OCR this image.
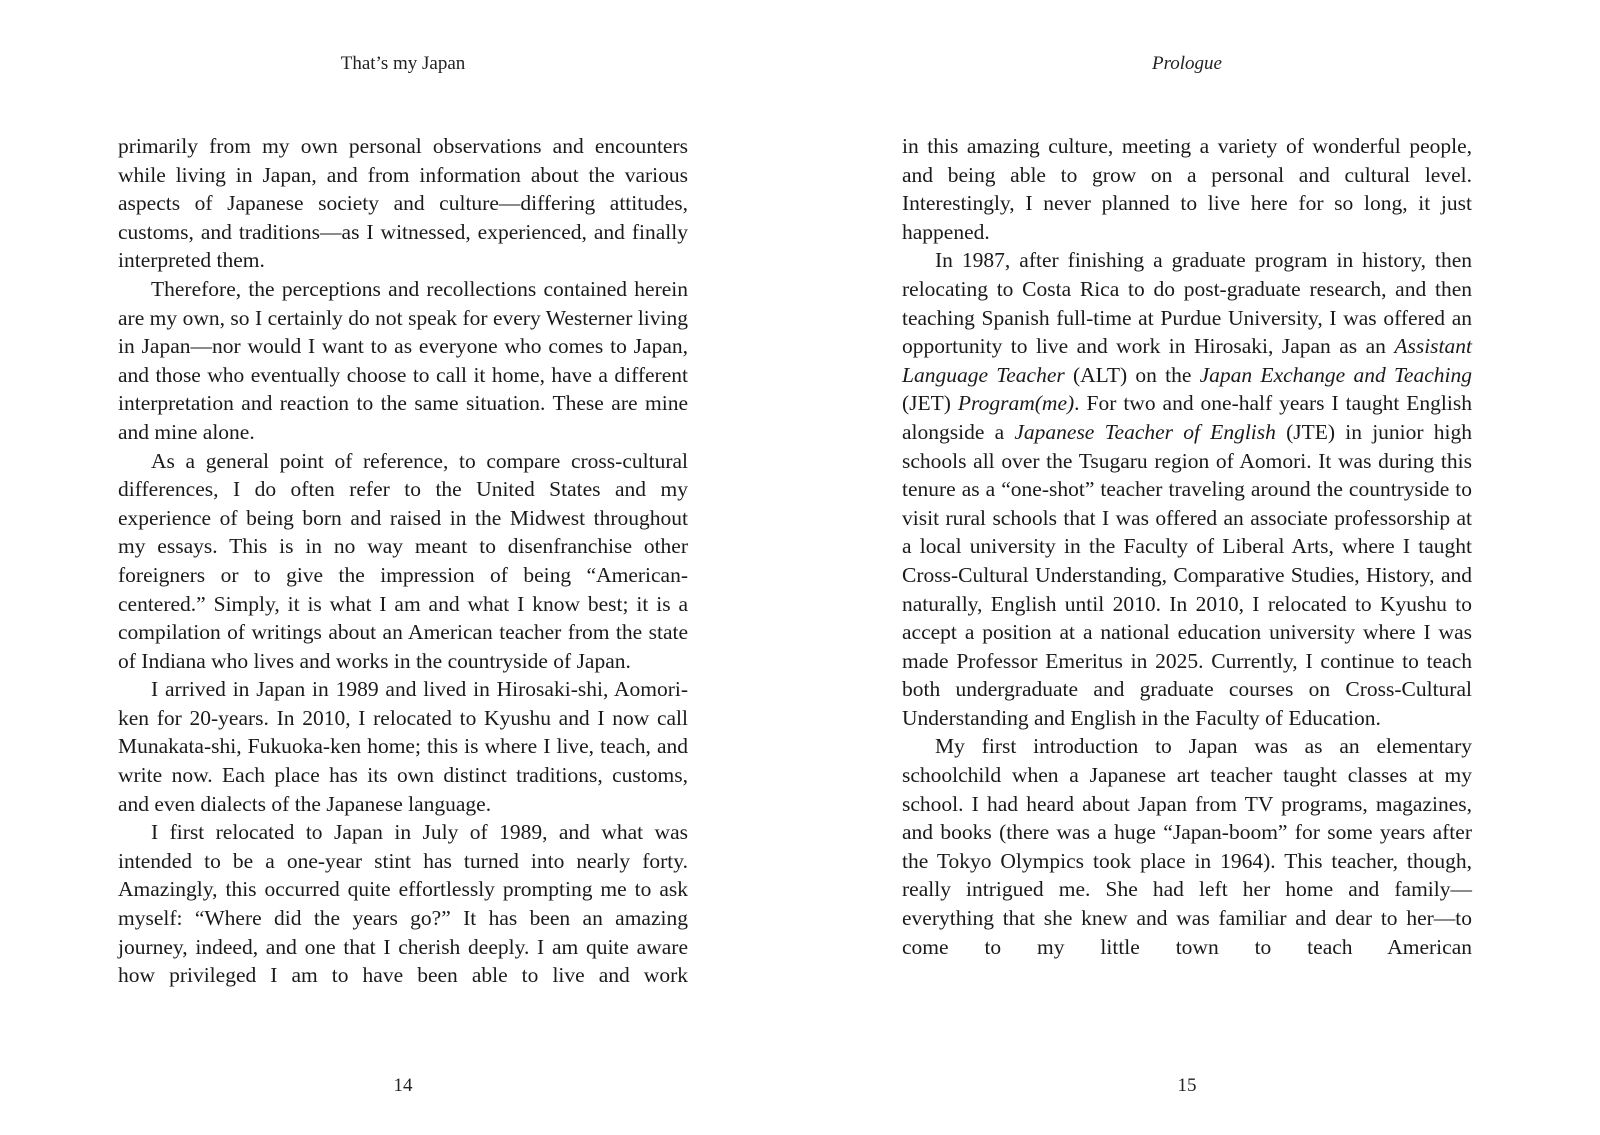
That’s my Japan

primarily from my own personal observations and encounters while living in Japan, and from information about the various aspects of Japanese society and culture—differing attitudes, customs, and traditions—as I witnessed, experienced, and finally interpreted them.

Therefore, the perceptions and recollections contained herein are my own, so I certainly do not speak for every Westerner living in Japan—nor would I want to as everyone who comes to Japan, and those who eventually choose to call it home, have a different interpretation and reaction to the same situation. These are mine and mine alone.

As a general point of reference, to compare cross-cultural differences, I do often refer to the United States and my experience of being born and raised in the Midwest throughout my essays. This is in no way meant to disenfranchise other foreigners or to give the impression of being “American-centered.” Simply, it is what I am and what I know best; it is a compilation of writings about an American teacher from the state of Indiana who lives and works in the countryside of Japan.

I arrived in Japan in 1989 and lived in Hirosaki-shi, Aomori-ken for 20-years. In 2010, I relocated to Kyushu and I now call Munakata-shi, Fukuoka-ken home; this is where I live, teach, and write now. Each place has its own distinct traditions, customs, and even dialects of the Japanese language.

I first relocated to Japan in July of 1989, and what was intended to be a one-year stint has turned into nearly forty. Amazingly, this occurred quite effortlessly prompting me to ask myself: “Where did the years go?” It has been an amazing journey, indeed, and one that I cherish deeply. I am quite aware how privileged I am to have been able to live and work

14
Prologue

in this amazing culture, meeting a variety of wonderful people, and being able to grow on a personal and cultural level. Interestingly, I never planned to live here for so long, it just happened.

In 1987, after finishing a graduate program in history, then relocating to Costa Rica to do post-graduate research, and then teaching Spanish full-time at Purdue University, I was offered an opportunity to live and work in Hirosaki, Japan as an Assistant Language Teacher (ALT) on the Japan Exchange and Teaching (JET) Program(me). For two and one-half years I taught English alongside a Japanese Teacher of English (JTE) in junior high schools all over the Tsugaru region of Aomori. It was during this tenure as a “one-shot” teacher traveling around the countryside to visit rural schools that I was offered an associate professorship at a local university in the Faculty of Liberal Arts, where I taught Cross-Cultural Understanding, Comparative Studies, History, and naturally, English until 2010. In 2010, I relocated to Kyushu to accept a position at a national education university where I was made Professor Emeritus in 2025. Currently, I continue to teach both undergraduate and graduate courses on Cross-Cultural Understanding and English in the Faculty of Education.

My first introduction to Japan was as an elementary schoolchild when a Japanese art teacher taught classes at my school. I had heard about Japan from TV programs, magazines, and books (there was a huge “Japan-boom” for some years after the Tokyo Olympics took place in 1964). This teacher, though, really intrigued me. She had left her home and family—everything that she knew and was familiar and dear to her—to come to my little town to teach American

15
